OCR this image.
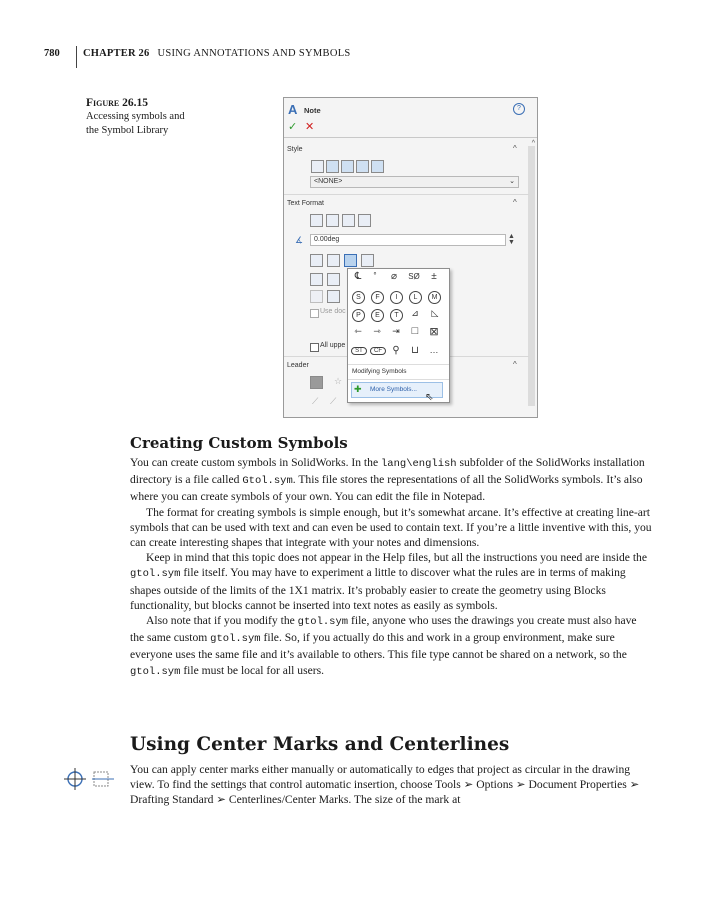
780	CHAPTER 26 USING ANNOTATIONS AND SYMBOLS
Figure 26.15
Accessing symbols and
the Symbol Library
A Note	?
✓ ✕
^
Style	^
<NONE>	⌄
Text Format	^
∡	0.00deg	▲
▼
Use doc
All uppe
Leader	^
☆
⟋ ⟋
℄	°	⌀	SØ	±
S	F	I	L	M
P	E	T	⊿	◺
⇽	⇾	⇥	□	⊠
ST	CF	⚲	⊔	…
Modifying Symbols
✚ More Symbols...
⇖
Creating Custom Symbols

You can create custom symbols in SolidWorks. In the lang\english subfolder of the SolidWorks installation directory is a file called Gtol.sym. This file stores the representations of all the SolidWorks symbols. It’s also where you can create symbols of your own. You can edit the file in Notepad.

The format for creating symbols is simple enough, but it’s somewhat arcane. It’s effective at creating line-art symbols that can be used with text and can even be used to contain text. If you’re a little inventive with this, you can create interesting shapes that integrate with your notes and dimensions.

Keep in mind that this topic does not appear in the Help files, but all the instructions you need are inside the gtol.sym file itself. You may have to experiment a little to discover what the rules are in terms of making shapes outside of the limits of the 1X1 matrix. It’s probably easier to create the geometry using Blocks functionality, but blocks cannot be inserted into text notes as easily as symbols.

Also note that if you modify the gtol.sym file, anyone who uses the drawings you create must also have the same custom gtol.sym file. So, if you actually do this and work in a group environment, make sure everyone uses the same file and it’s available to others. This file type cannot be shared on a network, so the gtol.sym file must be local for all users.

Using Center Marks and Centerlines

You can apply center marks either manually or automatically to edges that project as circular in the drawing view. To find the settings that control automatic insertion, choose Tools ➢ Options ➢ Document Properties ➢ Drafting Standard ➢ Centerlines/Center Marks. The size of the mark at
